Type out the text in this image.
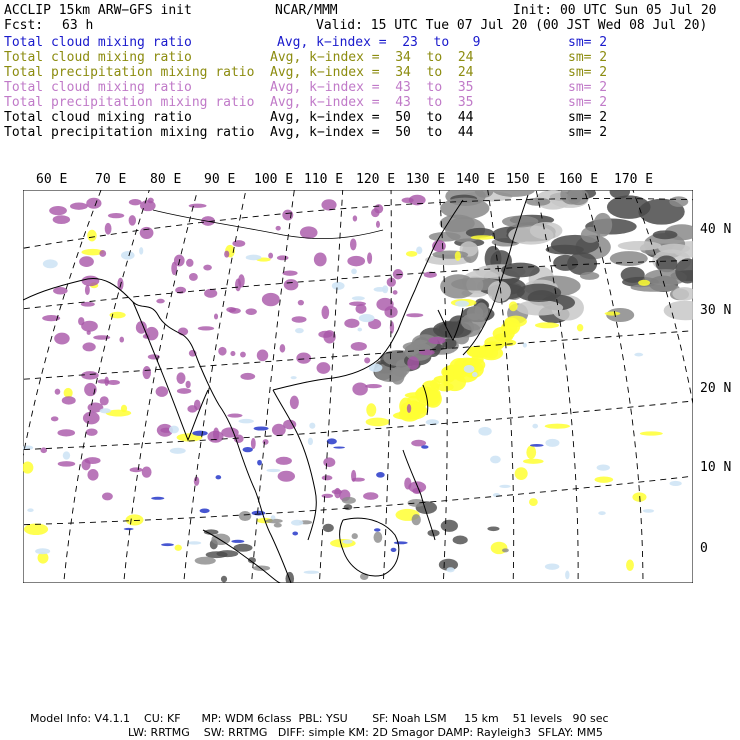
ACCLIP 15km ARW−GFS init	NCAR/MMM	Init: 00 UTC Sun 05 Jul 20
Fcst: 63 h	Valid: 15 UTC Tue 07 Jul 20 (00 JST Wed 08 Jul 20)
Total cloud mixing ratio	Avg, k−index =  23  to   9	sm= 2
Total cloud mixing ratio	Avg, k−index =  34  to  24	sm= 2
Total precipitation mixing ratio Avg, k−index =  34  to  24	sm= 2
Total cloud mixing ratio	Avg, k−index =  43  to  35	sm= 2
Total precipitation mixing ratio Avg, k−index =  43  to  35	sm= 2
Total cloud mixing ratio	Avg, k−index =  50  to  44	sm= 2
Total precipitation mixing ratio Avg, k−index =  50  to  44	sm= 2
60 E 70 E 80 E 90 E 100 E 110 E 120 E 130 E 140 E 150 E 160 E 170 E
40 N
30 N
20 N
10 N
0
Model Info: V4.1.1    CU: KF      MP: WDM 6class  PBL: YSU       SF: Noah LSM     15 km    51 levels   90 sec
LW: RRTMG    SW: RRTMG   DIFF: simple KM: 2D Smagor DAMP: Rayleigh3  SFLAY: MM5
